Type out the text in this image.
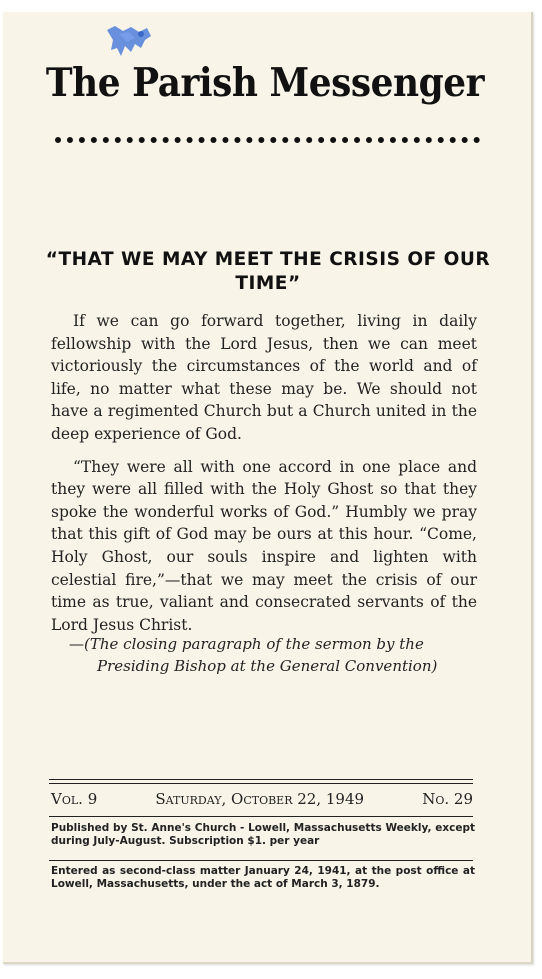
The Parish Messenger
“THAT WE MAY MEET THE CRISIS OF OUR TIME”

If we can go forward together, living in daily fellowship with the Lord Jesus, then we can meet victoriously the circumstances of the world and of life, no matter what these may be. We should not have a regimented Church but a Church united in the deep experience of God.

“They were all with one accord in one place and they were all filled with the Holy Ghost so that they spoke the wonderful works of God.” Humbly we pray that this gift of God may be ours at this hour. “Come, Holy Ghost, our souls inspire and lighten with celestial fire,”—that we may meet the crisis of our time as true, valiant and consecrated servants of the Lord Jesus Christ.

—(The closing paragraph of the sermon by the
Presiding Bishop at the General Convention)
Vol. 9	Saturday, October 22, 1949	No. 29
Published by St. Anne's Church - Lowell, Massachusetts Weekly, except during July-August. Subscription $1. per year
Entered as second-class matter January 24, 1941, at the post office at Lowell, Massachusetts, under the act of March 3, 1879.
